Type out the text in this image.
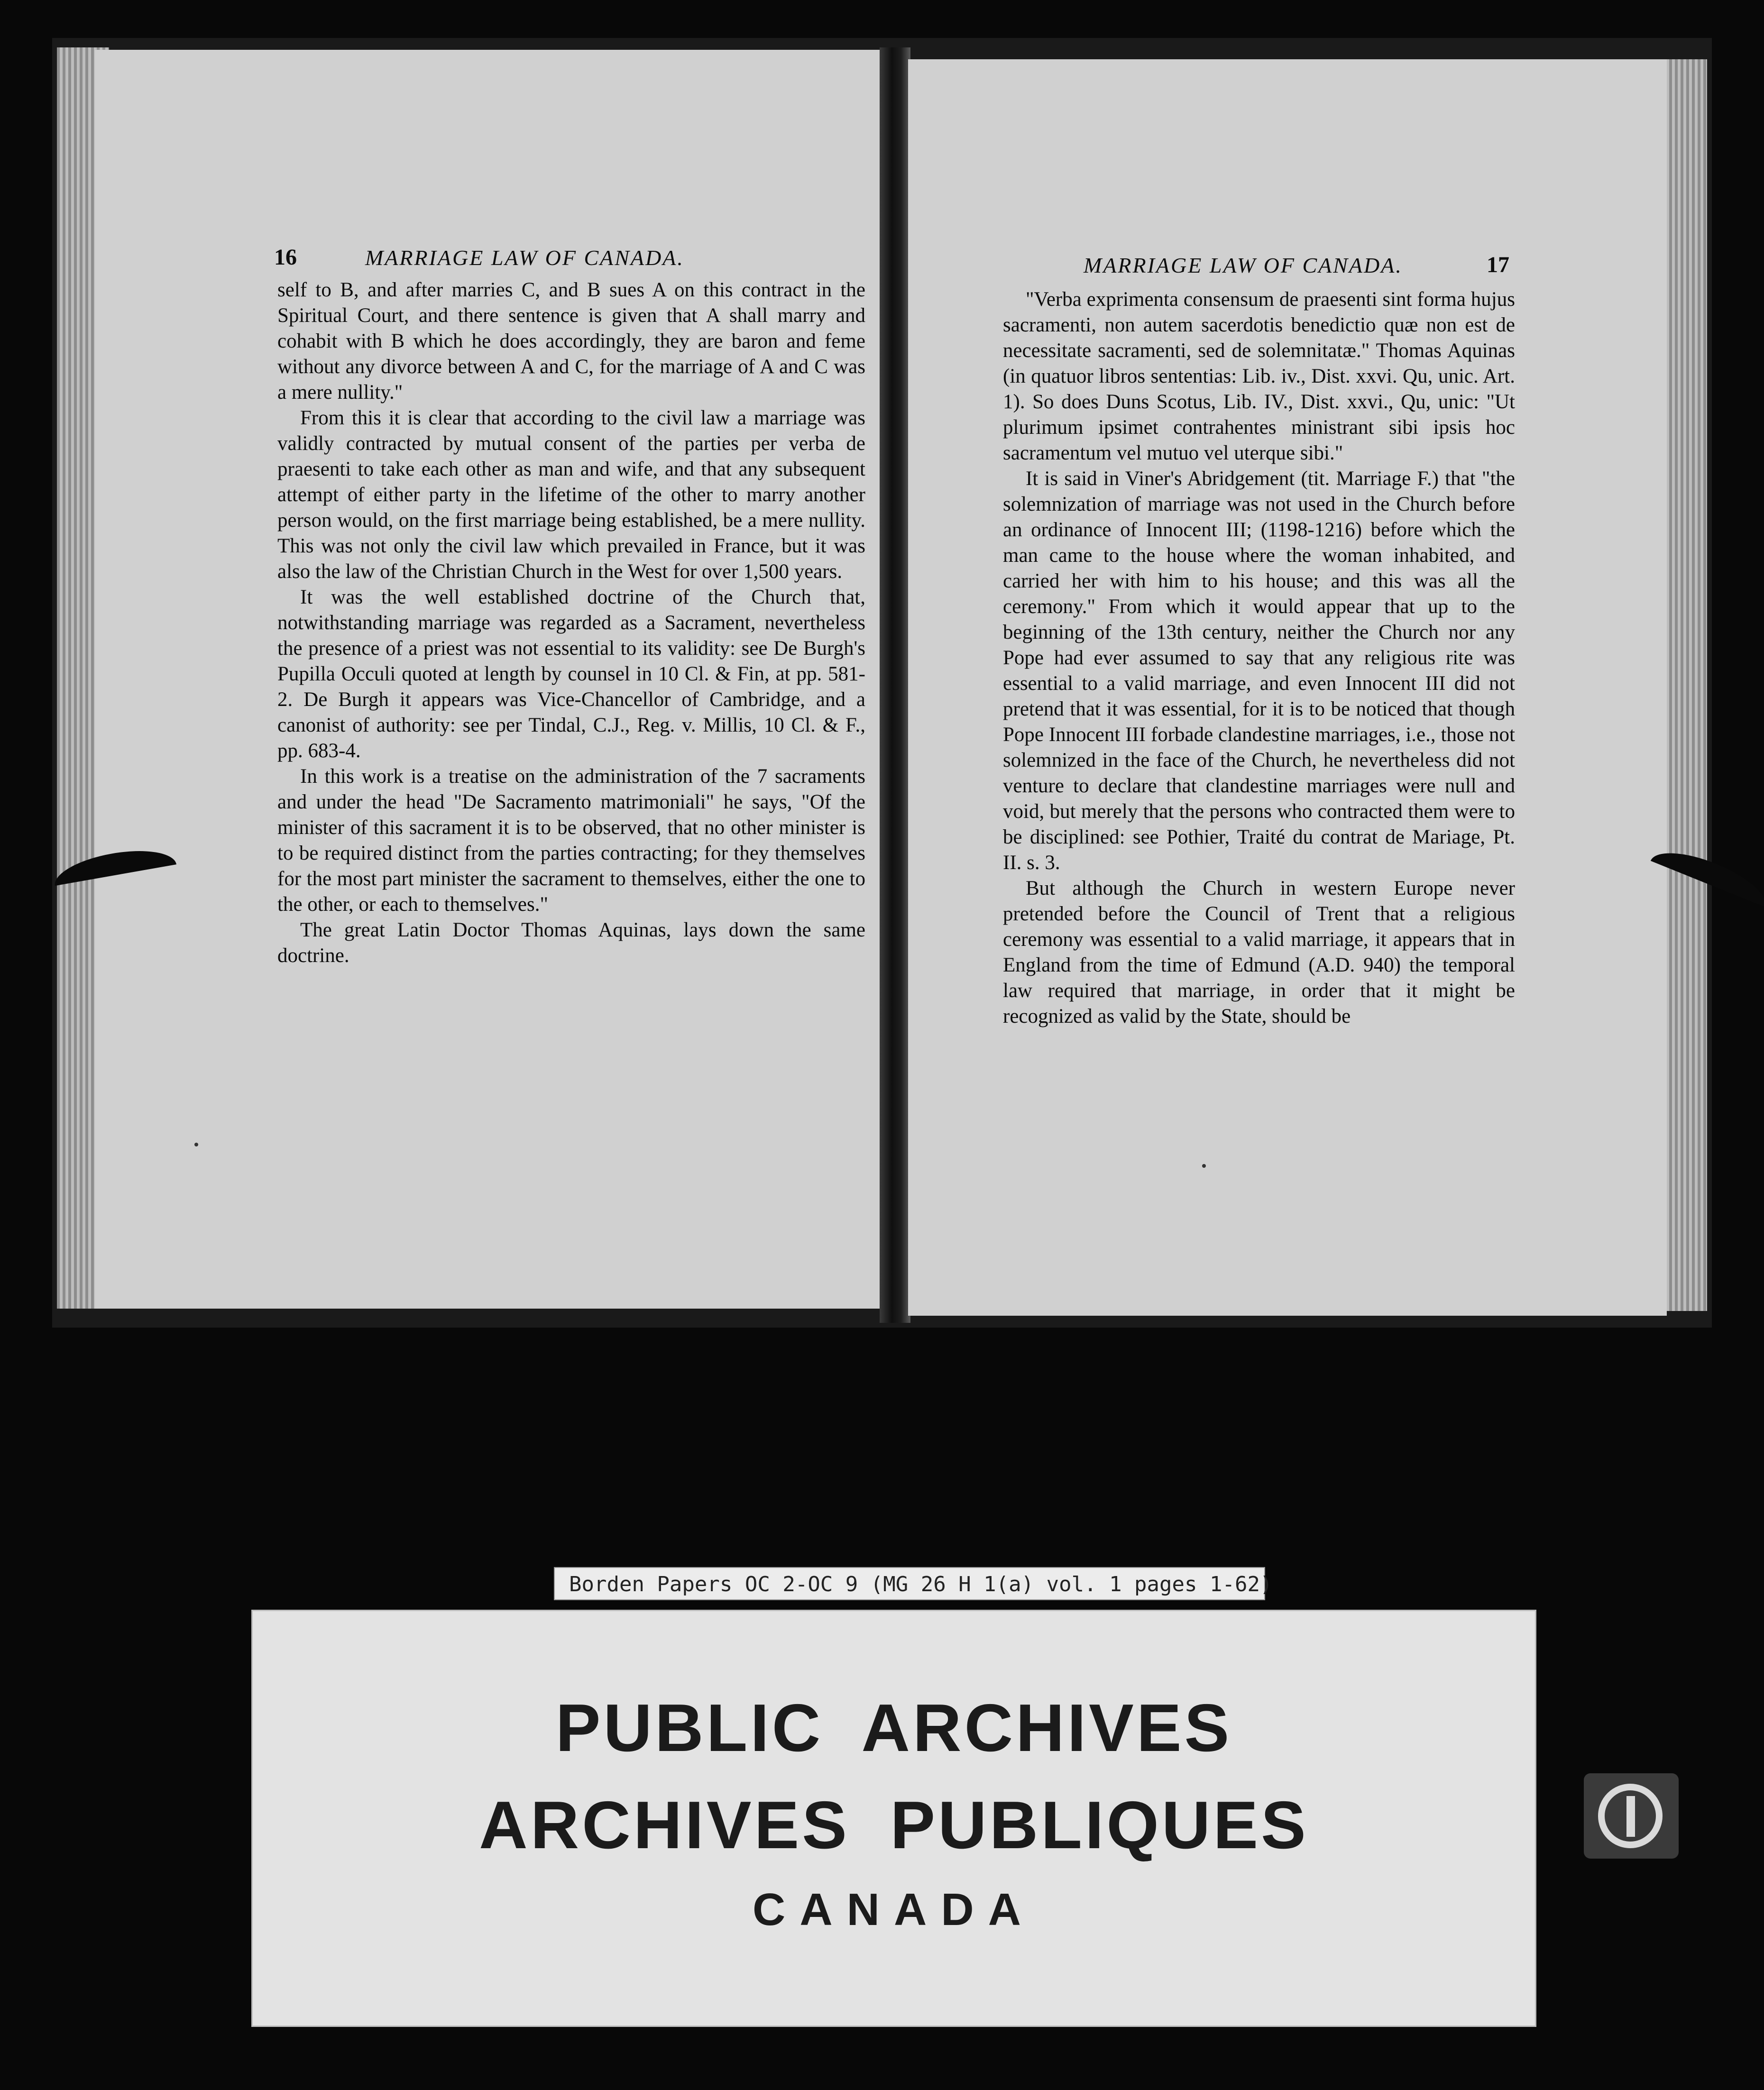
16	MARRIAGE LAW OF CANADA.

self to B, and after marries C, and B sues A on this contract in the Spiritual Court, and there sentence is given that A shall marry and cohabit with B which he does accordingly, they are baron and feme without any divorce between A and C, for the marriage of A and C was a mere nullity."

From this it is clear that according to the civil law a marriage was validly contracted by mutual consent of the parties per verba de praesenti to take each other as man and wife, and that any subsequent attempt of either party in the lifetime of the other to marry another person would, on the first marriage being established, be a mere nullity. This was not only the civil law which prevailed in France, but it was also the law of the Christian Church in the West for over 1,500 years.

It was the well established doctrine of the Church that, notwithstanding marriage was regarded as a Sacrament, nevertheless the presence of a priest was not essential to its validity: see De Burgh's Pupilla Occuli quoted at length by counsel in 10 Cl. & Fin, at pp. 581-2. De Burgh it appears was Vice-Chancellor of Cambridge, and a canonist of authority: see per Tindal, C.J., Reg. v. Millis, 10 Cl. & F., pp. 683-4.

In this work is a treatise on the administration of the 7 sacraments and under the head "De Sacramento matrimoniali" he says, "Of the minister of this sacrament it is to be observed, that no other minister is to be required distinct from the parties contracting; for they themselves for the most part minister the sacrament to themselves, either the one to the other, or each to themselves."

The great Latin Doctor Thomas Aquinas, lays down the same doctrine.

MARRIAGE LAW OF CANADA.	17

"Verba exprimenta consensum de praesenti sint forma hujus sacramenti, non autem sacerdotis benedictio quæ non est de necessitate sacramenti, sed de solemnitatæ." Thomas Aquinas (in quatuor libros sententias: Lib. iv., Dist. xxvi. Qu, unic. Art. 1). So does Duns Scotus, Lib. IV., Dist. xxvi., Qu, unic: "Ut plurimum ipsimet contrahentes ministrant sibi ipsis hoc sacramentum vel mutuo vel uterque sibi."

It is said in Viner's Abridgement (tit. Marriage F.) that "the solemnization of marriage was not used in the Church before an ordinance of Innocent III; (1198-1216) before which the man came to the house where the woman inhabited, and carried her with him to his house; and this was all the ceremony." From which it would appear that up to the beginning of the 13th century, neither the Church nor any Pope had ever assumed to say that any religious rite was essential to a valid marriage, and even Innocent III did not pretend that it was essential, for it is to be noticed that though Pope Innocent III forbade clandestine marriages, i.e., those not solemnized in the face of the Church, he nevertheless did not venture to declare that clandestine marriages were null and void, but merely that the persons who contracted them were to be disciplined: see Pothier, Traité du contrat de Mariage, Pt. II. s. 3.

But although the Church in western Europe never pretended before the Council of Trent that a religious ceremony was essential to a valid marriage, it appears that in England from the time of Edmund (A.D. 940) the temporal law required that marriage, in order that it might be recognized as valid by the State, should be

Borden Papers OC 2-OC 9 (MG 26 H 1(a) vol. 1 pages 1-62)
PUBLIC ARCHIVES
ARCHIVES PUBLIQUES
CANADA
